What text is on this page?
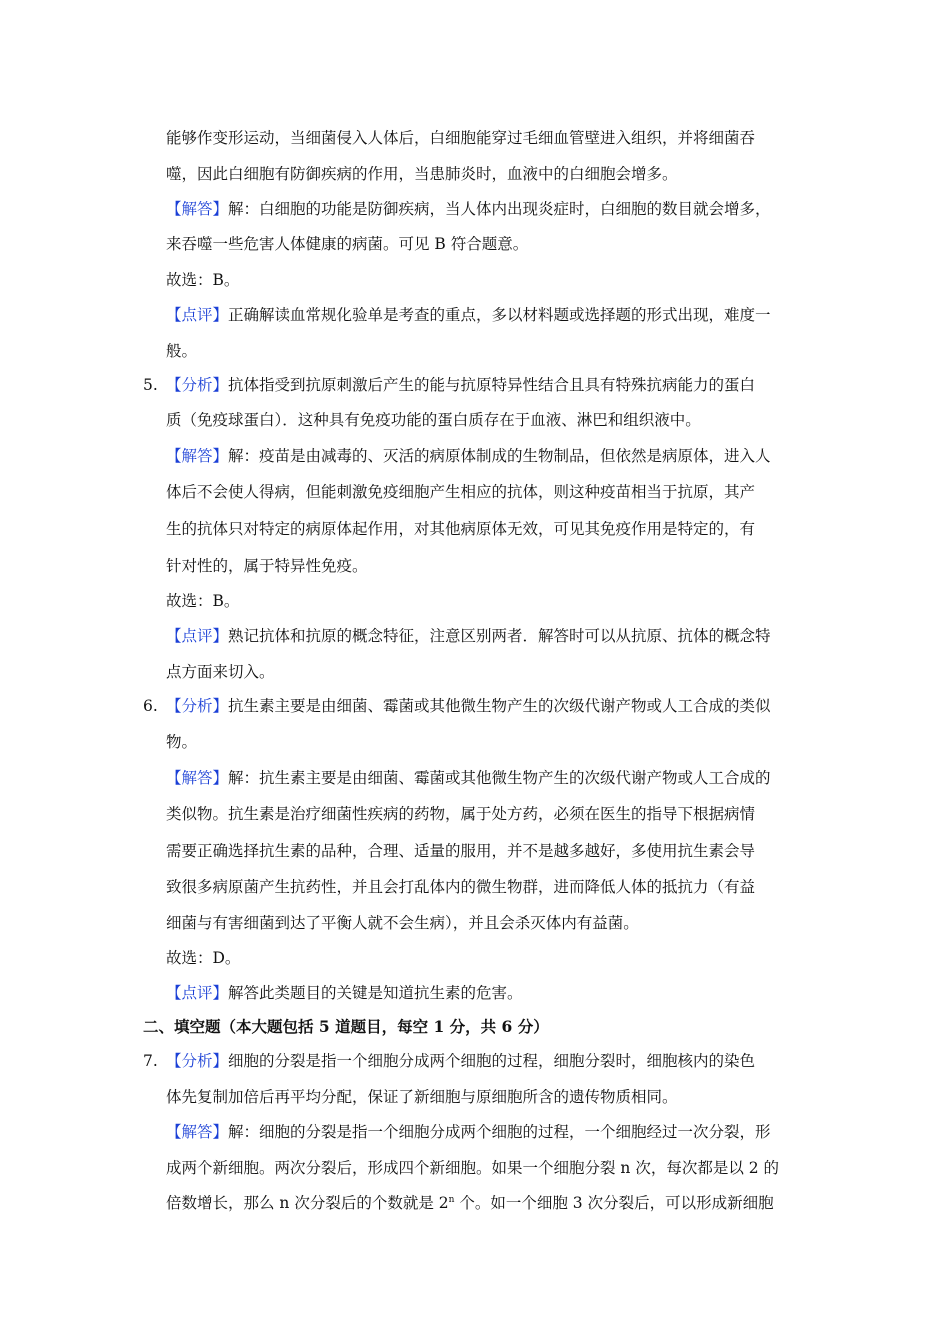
能够作变形运动，当细菌侵入人体后，白细胞能穿过毛细血管壁进入组织，并将细菌吞
噬，因此白细胞有防御疾病的作用，当患肺炎时，血液中的白细胞会增多。
【解答】解：白细胞的功能是防御疾病，当人体内出现炎症时，白细胞的数目就会增多，
来吞噬一些危害人体健康的病菌。可见 B 符合题意。
故选：B。
【点评】正确解读血常规化验单是考查的重点，多以材料题或选择题的形式出现，难度一
般。
5. 【分析】抗体指受到抗原刺激后产生的能与抗原特异性结合且具有特殊抗病能力的蛋白
质（免疫球蛋白）．这种具有免疫功能的蛋白质存在于血液、淋巴和组织液中。
【解答】解：疫苗是由减毒的、灭活的病原体制成的生物制品，但依然是病原体，进入人
体后不会使人得病，但能刺激免疫细胞产生相应的抗体，则这种疫苗相当于抗原，其产
生的抗体只对特定的病原体起作用，对其他病原体无效，可见其免疫作用是特定的，有
针对性的，属于特异性免疫。
故选：B。
【点评】熟记抗体和抗原的概念特征，注意区别两者．解答时可以从抗原、抗体的概念特
点方面来切入。
6. 【分析】抗生素主要是由细菌、霉菌或其他微生物产生的次级代谢产物或人工合成的类似
物。
【解答】解：抗生素主要是由细菌、霉菌或其他微生物产生的次级代谢产物或人工合成的
类似物。抗生素是治疗细菌性疾病的药物，属于处方药，必须在医生的指导下根据病情
需要正确选择抗生素的品种，合理、适量的服用，并不是越多越好，多使用抗生素会导
致很多病原菌产生抗药性，并且会打乱体内的微生物群，进而降低人体的抵抗力（有益
细菌与有害细菌到达了平衡人就不会生病），并且会杀灭体内有益菌。
故选：D。
【点评】解答此类题目的关键是知道抗生素的危害。
二、填空题（本大题包括 5 道题目，每空 1 分，共 6 分）
7. 【分析】细胞的分裂是指一个细胞分成两个细胞的过程，细胞分裂时，细胞核内的染色
体先复制加倍后再平均分配，保证了新细胞与原细胞所含的遗传物质相同。
【解答】解：细胞的分裂是指一个细胞分成两个细胞的过程，一个细胞经过一次分裂，形
成两个新细胞。两次分裂后，形成四个新细胞。如果一个细胞分裂 n 次，每次都是以 2 的
倍数增长，那么 n 次分裂后的个数就是 2$^n$ 个。如一个细胞 3 次分裂后，可以形成新细胞
